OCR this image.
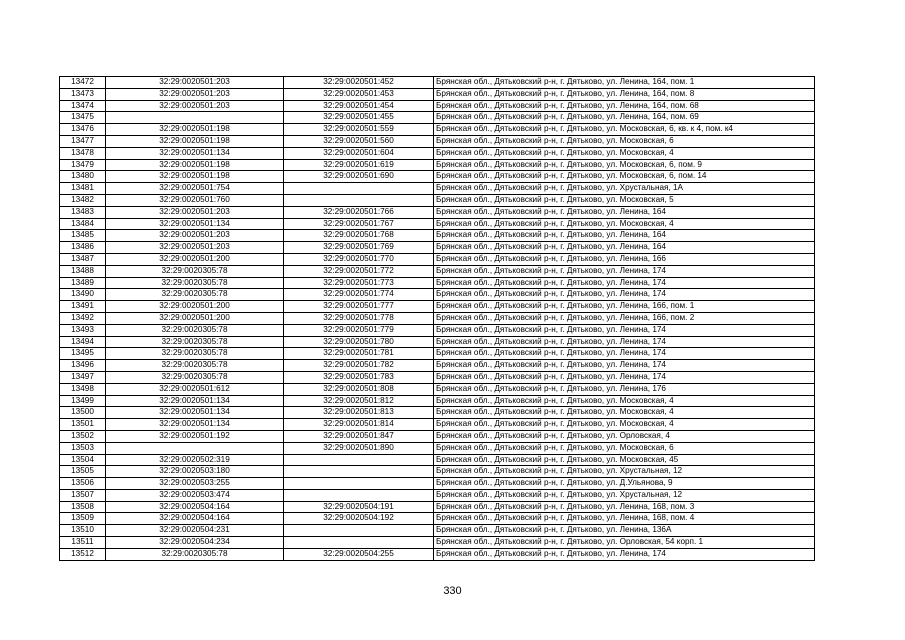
13472	32:29:0020501:203	32:29:0020501:452	Брянская обл., Дятьковский р-н, г. Дятьково, ул. Ленина, 164, пом. 1
13473	32:29:0020501:203	32:29:0020501:453	Брянская обл., Дятьковский р-н, г. Дятьково, ул. Ленина, 164, пом. 8
13474	32:29:0020501:203	32:29:0020501:454	Брянская обл., Дятьковский р-н, г. Дятьково, ул. Ленина, 164, пом. 68
13475		32:29:0020501:455	Брянская обл., Дятьковский р-н, г. Дятьково, ул. Ленина, 164, пом. 69
13476	32:29:0020501:198	32:29:0020501:559	Брянская обл., Дятьковский р-н, г. Дятьково, ул. Московская, 6, кв. к 4, пом. к4
13477	32:29:0020501:198	32:29:0020501:560	Брянская обл., Дятьковский р-н, г. Дятьково, ул. Московская, 6
13478	32:29:0020501:134	32:29:0020501:604	Брянская обл., Дятьковский р-н, г. Дятьково, ул. Московская, 4
13479	32:29:0020501:198	32:29:0020501:619	Брянская обл., Дятьковский р-н, г. Дятьково, ул. Московская, 6, пом. 9
13480	32:29:0020501:198	32:29:0020501:690	Брянская обл., Дятьковский р-н, г. Дятьково, ул. Московская, 6, пом. 14
13481	32:29:0020501:754		Брянская обл., Дятьковский р-н, г. Дятьково, ул. Хрустальная, 1А
13482	32:29:0020501:760		Брянская обл., Дятьковский р-н, г. Дятьково, ул. Московская, 5
13483	32:29:0020501:203	32:29:0020501:766	Брянская обл., Дятьковский р-н, г. Дятьково, ул. Ленина, 164
13484	32:29:0020501:134	32:29:0020501:767	Брянская обл., Дятьковский р-н, г. Дятьково, ул. Московская, 4
13485	32:29:0020501:203	32:29:0020501:768	Брянская обл., Дятьковский р-н, г. Дятьково, ул. Ленина, 164
13486	32:29:0020501:203	32:29:0020501:769	Брянская обл., Дятьковский р-н, г. Дятьково, ул. Ленина, 164
13487	32:29:0020501:200	32:29:0020501:770	Брянская обл., Дятьковский р-н, г. Дятьково, ул. Ленина, 166
13488	32:29:0020305:78	32:29:0020501:772	Брянская обл., Дятьковский р-н, г. Дятьково, ул. Ленина, 174
13489	32:29:0020305:78	32:29:0020501:773	Брянская обл., Дятьковский р-н, г. Дятьково, ул. Ленина, 174
13490	32:29:0020305:78	32:29:0020501:774	Брянская обл., Дятьковский р-н, г. Дятьково, ул. Ленина, 174
13491	32:29:0020501:200	32:29:0020501:777	Брянская обл., Дятьковский р-н, г. Дятьково, ул. Ленина, 166, пом. 1
13492	32:29:0020501:200	32:29:0020501:778	Брянская обл., Дятьковский р-н, г. Дятьково, ул. Ленина, 166, пом. 2
13493	32:29:0020305:78	32:29:0020501:779	Брянская обл., Дятьковский р-н, г. Дятьково, ул. Ленина, 174
13494	32:29:0020305:78	32:29:0020501:780	Брянская обл., Дятьковский р-н, г. Дятьково, ул. Ленина, 174
13495	32:29:0020305:78	32:29:0020501:781	Брянская обл., Дятьковский р-н, г. Дятьково, ул. Ленина, 174
13496	32:29:0020305:78	32:29:0020501:782	Брянская обл., Дятьковский р-н, г. Дятьково, ул. Ленина, 174
13497	32:29:0020305:78	32:29:0020501:783	Брянская обл., Дятьковский р-н, г. Дятьково, ул. Ленина, 174
13498	32:29:0020501:612	32:29:0020501:808	Брянская обл., Дятьковский р-н, г. Дятьково, ул. Ленина, 176
13499	32:29:0020501:134	32:29:0020501:812	Брянская обл., Дятьковский р-н, г. Дятьково, ул. Московская, 4
13500	32:29:0020501:134	32:29:0020501:813	Брянская обл., Дятьковский р-н, г. Дятьково, ул. Московская, 4
13501	32:29:0020501:134	32:29:0020501:814	Брянская обл., Дятьковский р-н, г. Дятьково, ул. Московская, 4
13502	32:29:0020501:192	32:29:0020501:847	Брянская обл., Дятьковский р-н, г. Дятьково, ул. Орловская, 4
13503		32:29:0020501:890	Брянская обл., Дятьковский р-н, г. Дятьково, ул. Московская, 6
13504	32:29:0020502:319		Брянская обл., Дятьковский р-н, г. Дятьково, ул. Московская, 45
13505	32:29:0020503:180		Брянская обл., Дятьковский р-н, г. Дятьково, ул. Хрустальная, 12
13506	32:29:0020503:255		Брянская обл., Дятьковский р-н, г. Дятьково, ул. Д.Ульянова, 9
13507	32:29:0020503:474		Брянская обл., Дятьковский р-н, г. Дятьково, ул. Хрустальная, 12
13508	32:29:0020504:164	32:29:0020504:191	Брянская обл., Дятьковский р-н, г. Дятьково, ул. Ленина, 168, пом. 3
13509	32:29:0020504:164	32:29:0020504:192	Брянская обл., Дятьковский р-н, г. Дятьково, ул. Ленина, 168, пом. 4
13510	32:29:0020504:231		Брянская обл., Дятьковский р-н, г. Дятьково, ул. Ленина, 136А
13511	32:29:0020504:234		Брянская обл., Дятьковский р-н, г. Дятьково, ул. Орловская, 54 корп. 1
13512	32:29:0020305:78	32:29:0020504:255	Брянская обл., Дятьковский р-н, г. Дятьково, ул. Ленина, 174
330
